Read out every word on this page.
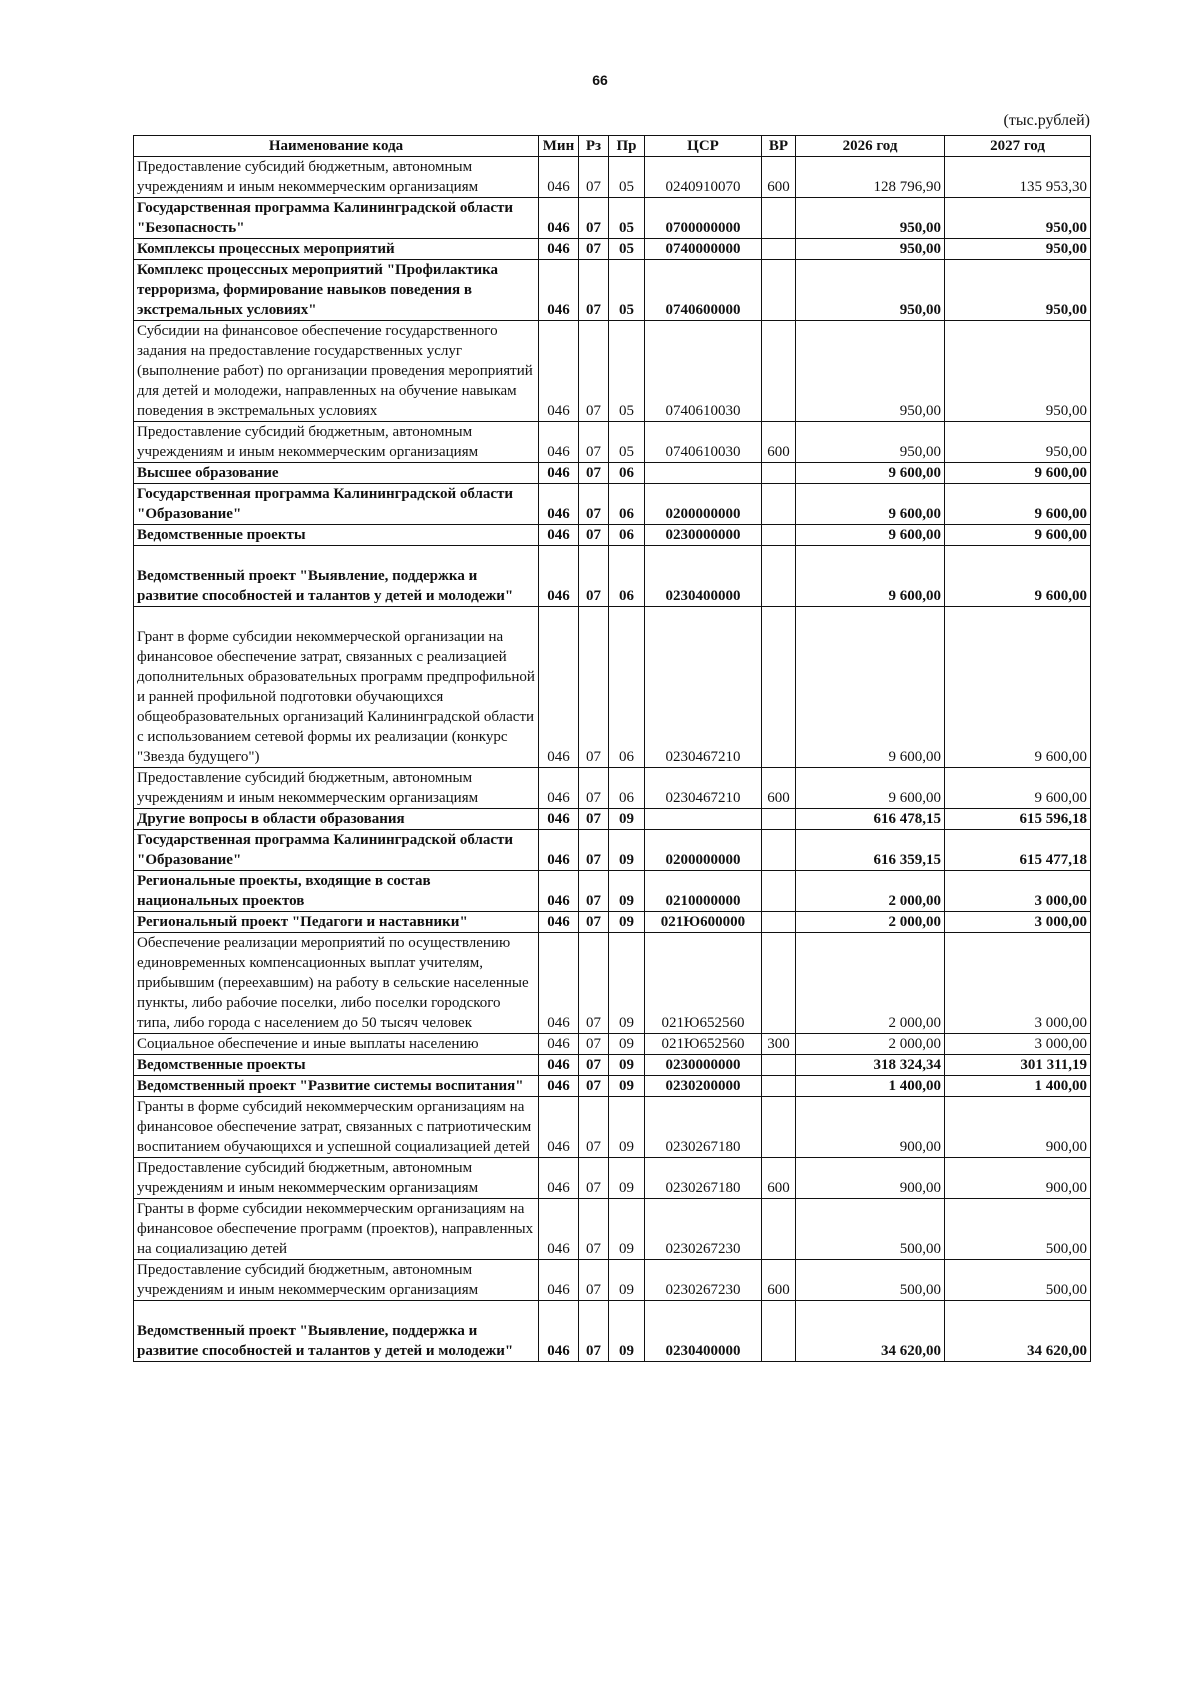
66
(тыс.рублей)
Наименование кода	Мин	Рз	Пр	ЦСР	ВР	2026 год	2027 год
Предоставление субсидий бюджетным, автономным учреждениям и иным некоммерческим организациям	046	07	05	0240910070	600	128 796,90	135 953,30
Государственная программа Калининградской области "Безопасность"	046	07	05	0700000000		950,00	950,00
Комплексы процессных мероприятий	046	07	05	0740000000		950,00	950,00
Комплекс процессных мероприятий "Профилактика терроризма, формирование навыков поведения в экстремальных условиях"	046	07	05	0740600000		950,00	950,00
Субсидии на финансовое обеспечение государственного задания на предоставление государственных услуг (выполнение работ) по организации проведения мероприятий для детей и молодежи, направленных на обучение навыкам поведения в экстремальных условиях	046	07	05	0740610030		950,00	950,00
Предоставление субсидий бюджетным, автономным учреждениям и иным некоммерческим организациям	046	07	05	0740610030	600	950,00	950,00
Высшее образование	046	07	06			9 600,00	9 600,00
Государственная программа Калининградской области "Образование"	046	07	06	0200000000		9 600,00	9 600,00
Ведомственные проекты	046	07	06	0230000000		9 600,00	9 600,00
Ведомственный проект "Выявление, поддержка и развитие способностей и талантов у детей и молодежи"	046	07	06	0230400000		9 600,00	9 600,00
Грант в форме субсидии некоммерческой организации на финансовое обеспечение затрат, связанных с реализацией дополнительных образовательных программ предпрофильной и ранней профильной подготовки обучающихся общеобразовательных организаций Калининградской области с использованием сетевой формы их реализации (конкурс "Звезда будущего")	046	07	06	0230467210		9 600,00	9 600,00
Предоставление субсидий бюджетным, автономным учреждениям и иным некоммерческим организациям	046	07	06	0230467210	600	9 600,00	9 600,00
Другие вопросы в области образования	046	07	09			616 478,15	615 596,18
Государственная программа Калининградской области "Образование"	046	07	09	0200000000		616 359,15	615 477,18
Региональные проекты, входящие в состав национальных проектов	046	07	09	0210000000		2 000,00	3 000,00
Региональный проект "Педагоги и наставники"	046	07	09	021Ю600000		2 000,00	3 000,00
Обеспечение реализации мероприятий по осуществлению единовременных компенсационных выплат учителям, прибывшим (переехавшим) на работу в сельские населенные пункты, либо рабочие поселки, либо поселки городского типа, либо города с населением до 50 тысяч человек	046	07	09	021Ю652560		2 000,00	3 000,00
Социальное обеспечение и иные выплаты населению	046	07	09	021Ю652560	300	2 000,00	3 000,00
Ведомственные проекты	046	07	09	0230000000		318 324,34	301 311,19
Ведомственный проект "Развитие системы воспитания"	046	07	09	0230200000		1 400,00	1 400,00
Гранты в форме субсидий некоммерческим организациям на финансовое обеспечение затрат, связанных с патриотическим воспитанием обучающихся и успешной социализацией детей	046	07	09	0230267180		900,00	900,00
Предоставление субсидий бюджетным, автономным учреждениям и иным некоммерческим организациям	046	07	09	0230267180	600	900,00	900,00
Гранты в форме субсидии некоммерческим организациям на финансовое обеспечение программ (проектов), направленных на социализацию детей	046	07	09	0230267230		500,00	500,00
Предоставление субсидий бюджетным, автономным учреждениям и иным некоммерческим организациям	046	07	09	0230267230	600	500,00	500,00
Ведомственный проект "Выявление, поддержка и развитие способностей и талантов у детей и молодежи"	046	07	09	0230400000		34 620,00	34 620,00
